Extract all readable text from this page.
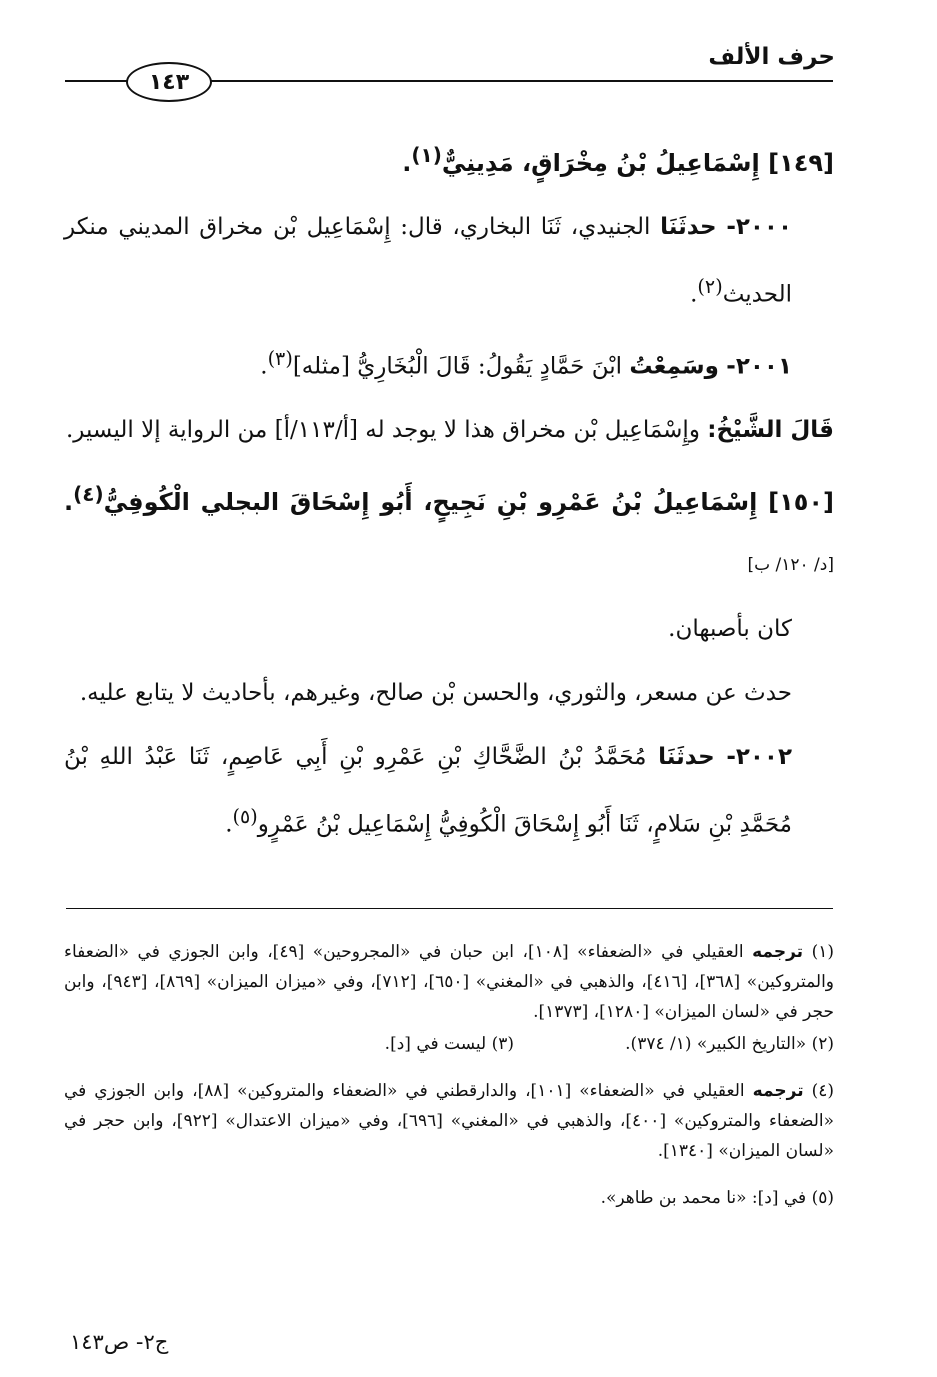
حرف الألف
١٤٣

[١٤٩] إِسْمَاعِيلُ بْنُ مِخْرَاقٍ، مَدِينِيٌّ$^{(١)}$.

٢٠٠٠- حدثَنَا الجنيدي، ثَنَا البخاري، قال: إِسْمَاعِيل بْن مخراق المديني منكر الحديث$^{(٢)}$.

٢٠٠١- وسَمِعْتُ ابْنَ حَمَّادٍ يَقُولُ: قَالَ الْبُخَارِيُّ [مثله]$^{(٣)}$.

قَالَ الشَّيْخُ: وإِسْمَاعِيل بْن مخراق هذا لا يوجد له [أ/١١٣/أ] من الرواية إلا اليسير.

[١٥٠] إِسْمَاعِيلُ بْنُ عَمْرِو بْنِ نَجِيحٍ، أَبُو إِسْحَاقَ البجلي الْكُوفِيُّ$^{(٤)}$. [د/ ١٢٠/ ب]

كان بأصبهان.

حدث عن مسعر، والثوري، والحسن بْن صالح، وغيرهم، بأحاديث لا يتابع عليه.

٢٠٠٢- حدثَنَا مُحَمَّدُ بْنُ الضَّحَّاكِ بْنِ عَمْرِو بْنِ أَبِي عَاصِمٍ، ثَنَا عَبْدُ اللهِ بْنُ مُحَمَّدِ بْنِ سَلامٍ، ثَنَا أَبُو إِسْحَاقَ الْكُوفِيُّ إِسْمَاعِيل بْنُ عَمْرٍو$^{(٥)}$.

(١) ترجمه العقيلي في «الضعفاء» [١٠٨]، ابن حبان في «المجروحين» [٤٩]، وابن الجوزي في «الضعفاء والمتروكين» [٣٦٨]، [٤١٦]، والذهبي في «المغني» [٦٥٠]، [٧١٢]، وفي «ميزان الميزان» [٨٦٩]، [٩٤٣]، وابن حجر في «لسان الميزان» [١٢٨٠]، [١٣٧٣].

(٢) «التاريخ الكبير» (١/ ٣٧٤).
(٣) ليست في [د].

(٤) ترجمه العقيلي في «الضعفاء» [١٠١]، والدارقطني في «الضعفاء والمتروكين» [٨٨]، وابن الجوزي في «الضعفاء والمتروكين» [٤٠٠]، والذهبي في «المغني» [٦٩٦]، وفي «ميزان الاعتدال» [٩٢٢]، وابن حجر في «لسان الميزان» [١٣٤٠].

(٥) في [د]: «نا محمد بن طاهر».

ج٢- ص١٤٣
